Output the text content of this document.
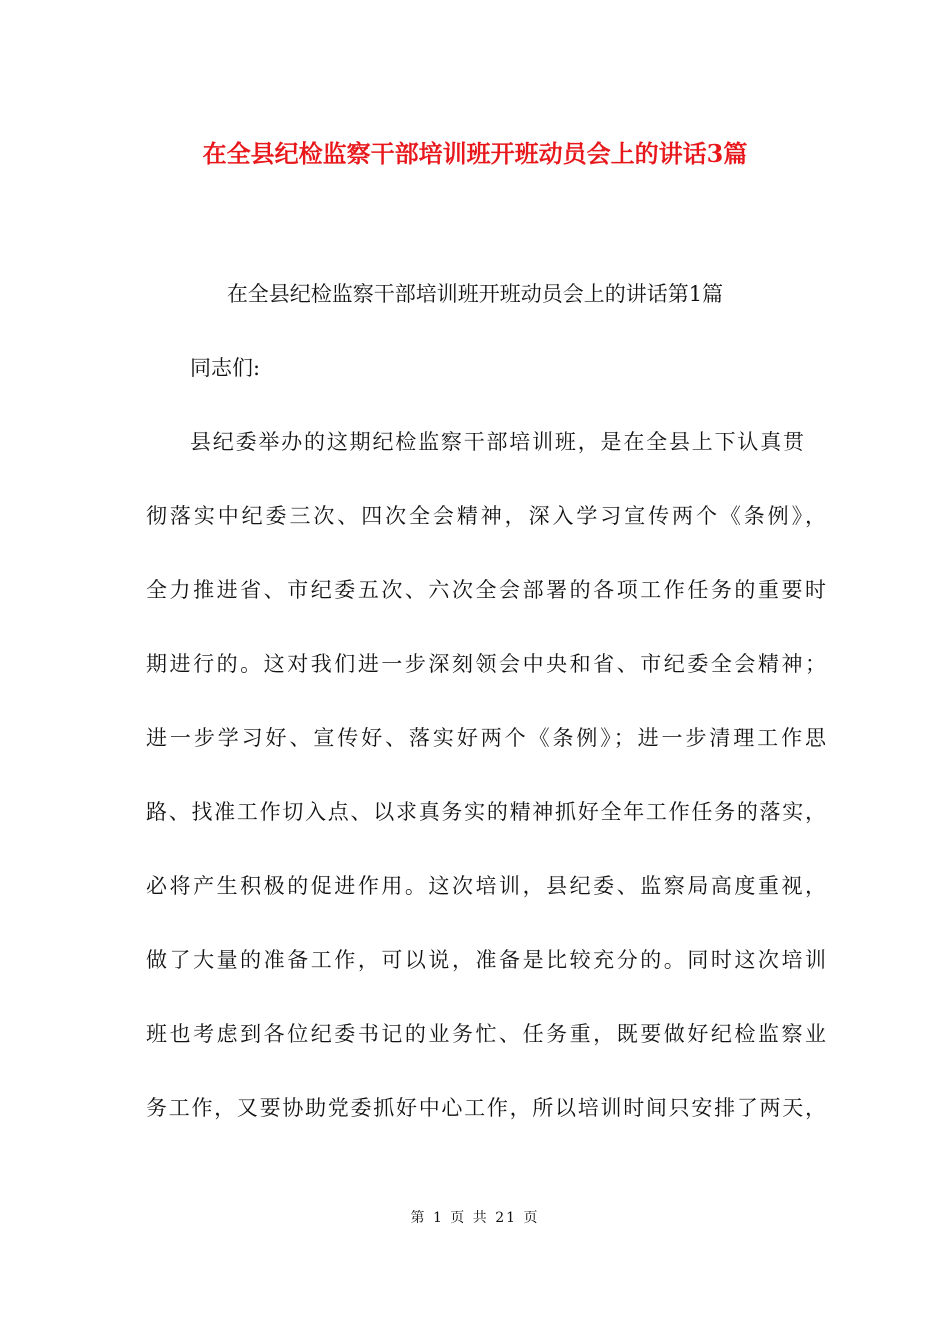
在全县纪检监察干部培训班开班动员会上的讲话3篇
在全县纪检监察干部培训班开班动员会上的讲话第1篇
同志们:
县纪委举办的这期纪检监察干部培训班，是在全县上下认真贯
彻落实中纪委三次、四次全会精神，深入学习宣传两个《条例》，
全力推进省、市纪委五次、六次全会部署的各项工作任务的重要时
期进行的。这对我们进一步深刻领会中央和省、市纪委全会精神；
进一步学习好、宣传好、落实好两个《条例》；进一步清理工作思
路、找准工作切入点、以求真务实的精神抓好全年工作任务的落实，
必将产生积极的促进作用。这次培训，县纪委、监察局高度重视，
做了大量的准备工作，可以说，准备是比较充分的。同时这次培训
班也考虑到各位纪委书记的业务忙、任务重，既要做好纪检监察业
务工作，又要协助党委抓好中心工作，所以培训时间只安排了两天，
第 1 页 共 21 页
